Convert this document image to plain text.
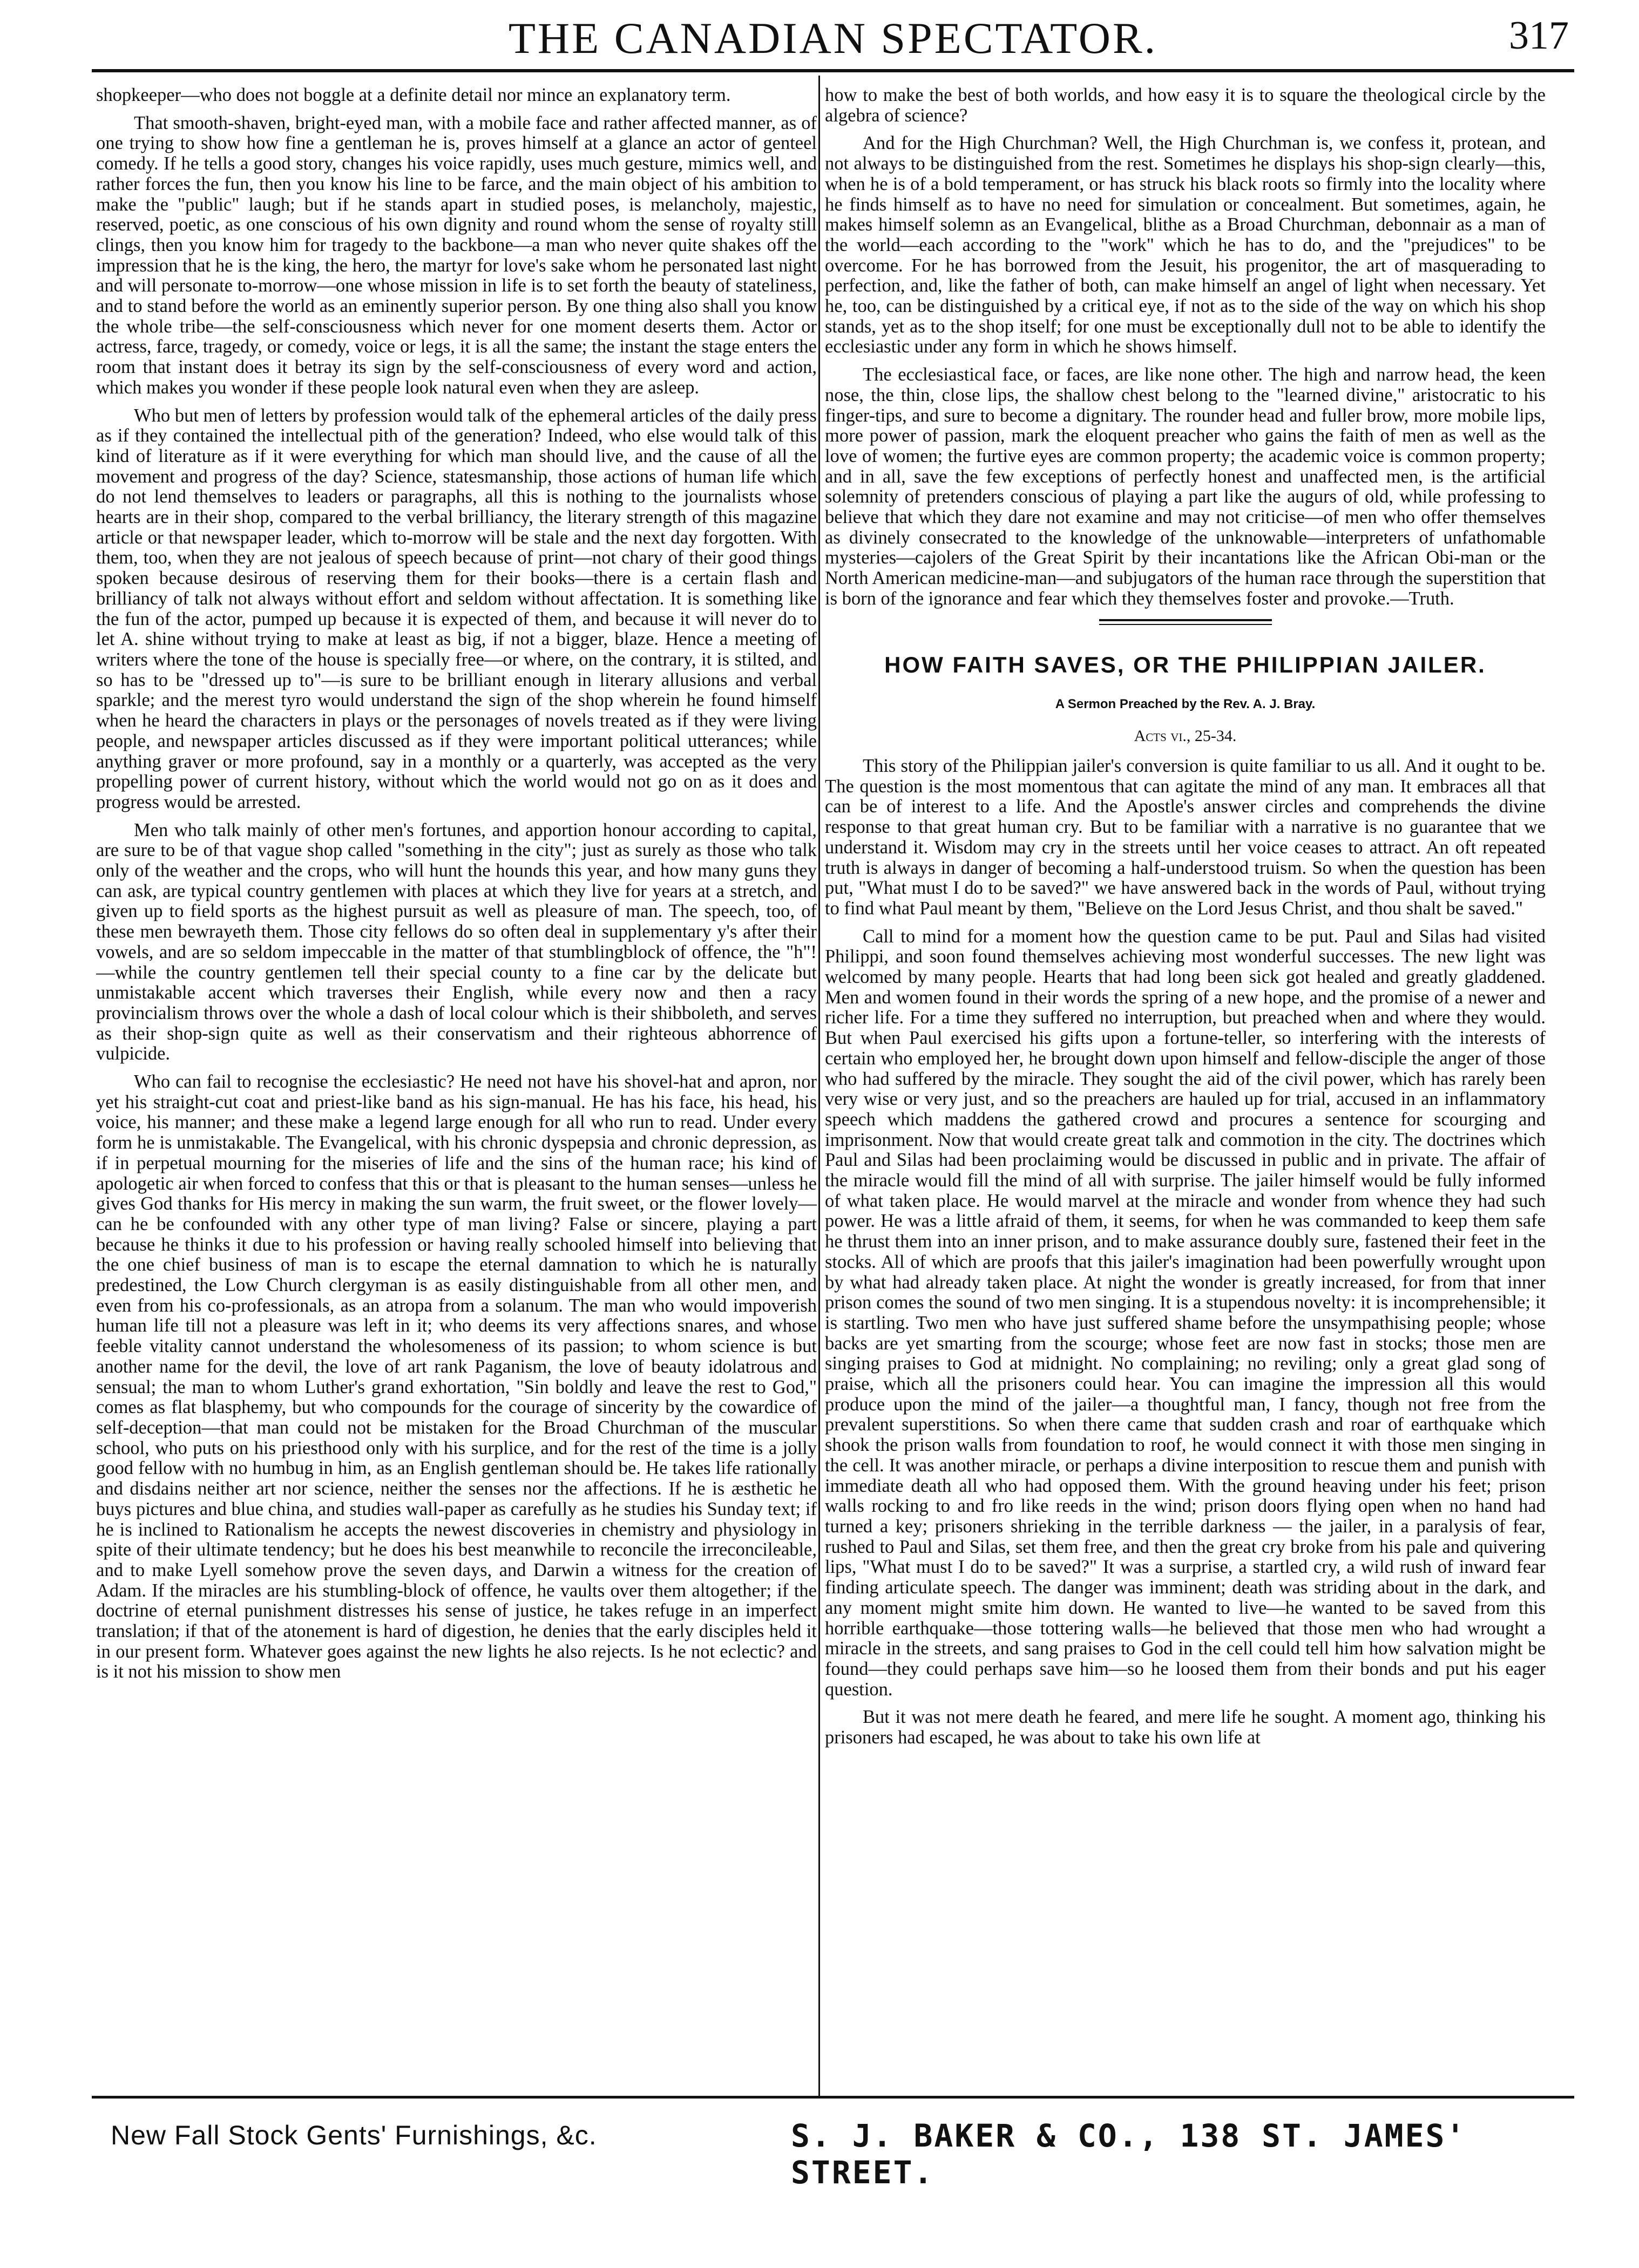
THE CANADIAN SPECTATOR.	317

shopkeeper—who does not boggle at a definite detail nor mince an explanatory term.

That smooth-shaven, bright-eyed man, with a mobile face and rather affected manner, as of one trying to show how fine a gentleman he is, proves himself at a glance an actor of genteel comedy. If he tells a good story, changes his voice rapidly, uses much gesture, mimics well, and rather forces the fun, then you know his line to be farce, and the main object of his ambition to make the "public" laugh; but if he stands apart in studied poses, is melancholy, majestic, reserved, poetic, as one conscious of his own dignity and round whom the sense of royalty still clings, then you know him for tragedy to the backbone—a man who never quite shakes off the impression that he is the king, the hero, the martyr for love's sake whom he personated last night and will personate to-morrow—one whose mission in life is to set forth the beauty of stateliness, and to stand before the world as an eminently superior person. By one thing also shall you know the whole tribe—the self-consciousness which never for one moment deserts them. Actor or actress, farce, tragedy, or comedy, voice or legs, it is all the same; the instant the stage enters the room that instant does it betray its sign by the self-consciousness of every word and action, which makes you wonder if these people look natural even when they are asleep.

Who but men of letters by profession would talk of the ephemeral articles of the daily press as if they contained the intellectual pith of the generation? Indeed, who else would talk of this kind of literature as if it were everything for which man should live, and the cause of all the movement and progress of the day? Science, statesmanship, those actions of human life which do not lend themselves to leaders or paragraphs, all this is nothing to the journalists whose hearts are in their shop, compared to the verbal brilliancy, the literary strength of this magazine article or that newspaper leader, which to-morrow will be stale and the next day forgotten. With them, too, when they are not jealous of speech because of print—not chary of their good things spoken because desirous of reserving them for their books—there is a certain flash and brilliancy of talk not always without effort and seldom without affectation. It is something like the fun of the actor, pumped up because it is expected of them, and because it will never do to let A. shine without trying to make at least as big, if not a bigger, blaze. Hence a meeting of writers where the tone of the house is specially free—or where, on the contrary, it is stilted, and so has to be "dressed up to"—is sure to be brilliant enough in literary allusions and verbal sparkle; and the merest tyro would understand the sign of the shop wherein he found himself when he heard the characters in plays or the personages of novels treated as if they were living people, and newspaper articles discussed as if they were important political utterances; while anything graver or more profound, say in a monthly or a quarterly, was accepted as the very propelling power of current history, without which the world would not go on as it does and progress would be arrested.

Men who talk mainly of other men's fortunes, and apportion honour according to capital, are sure to be of that vague shop called "something in the city"; just as surely as those who talk only of the weather and the crops, who will hunt the hounds this year, and how many guns they can ask, are typical country gentlemen with places at which they live for years at a stretch, and given up to field sports as the highest pursuit as well as pleasure of man. The speech, too, of these men bewrayeth them. Those city fellows do so often deal in supplementary y's after their vowels, and are so seldom impeccable in the matter of that stumblingblock of offence, the "h"!—while the country gentlemen tell their special county to a fine car by the delicate but unmistakable accent which traverses their English, while every now and then a racy provincialism throws over the whole a dash of local colour which is their shibboleth, and serves as their shop-sign quite as well as their conservatism and their righteous abhorrence of vulpicide.

Who can fail to recognise the ecclesiastic? He need not have his shovel-hat and apron, nor yet his straight-cut coat and priest-like band as his sign-manual. He has his face, his head, his voice, his manner; and these make a legend large enough for all who run to read. Under every form he is unmistakable. The Evangelical, with his chronic dyspepsia and chronic depression, as if in perpetual mourning for the miseries of life and the sins of the human race; his kind of apologetic air when forced to confess that this or that is pleasant to the human senses—unless he gives God thanks for His mercy in making the sun warm, the fruit sweet, or the flower lovely—can he be confounded with any other type of man living? False or sincere, playing a part because he thinks it due to his profession or having really schooled himself into believing that the one chief business of man is to escape the eternal damnation to which he is naturally predestined, the Low Church clergyman is as easily distinguishable from all other men, and even from his co-professionals, as an atropa from a solanum. The man who would impoverish human life till not a pleasure was left in it; who deems its very affections snares, and whose feeble vitality cannot understand the wholesomeness of its passion; to whom science is but another name for the devil, the love of art rank Paganism, the love of beauty idolatrous and sensual; the man to whom Luther's grand exhortation, "Sin boldly and leave the rest to God," comes as flat blasphemy, but who compounds for the courage of sincerity by the cowardice of self-deception—that man could not be mistaken for the Broad Churchman of the muscular school, who puts on his priesthood only with his surplice, and for the rest of the time is a jolly good fellow with no humbug in him, as an English gentleman should be. He takes life rationally and disdains neither art nor science, neither the senses nor the affections. If he is æsthetic he buys pictures and blue china, and studies wall-paper as carefully as he studies his Sunday text; if he is inclined to Rationalism he accepts the newest discoveries in chemistry and physiology in spite of their ultimate tendency; but he does his best meanwhile to reconcile the irreconcileable, and to make Lyell somehow prove the seven days, and Darwin a witness for the creation of Adam. If the miracles are his stumbling-block of offence, he vaults over them altogether; if the doctrine of eternal punishment distresses his sense of justice, he takes refuge in an imperfect translation; if that of the atonement is hard of digestion, he denies that the early disciples held it in our present form. Whatever goes against the new lights he also rejects. Is he not eclectic? and is it not his mission to show men

how to make the best of both worlds, and how easy it is to square the theological circle by the algebra of science?

And for the High Churchman? Well, the High Churchman is, we confess it, protean, and not always to be distinguished from the rest. Sometimes he displays his shop-sign clearly—this, when he is of a bold temperament, or has struck his black roots so firmly into the locality where he finds himself as to have no need for simulation or concealment. But sometimes, again, he makes himself solemn as an Evangelical, blithe as a Broad Churchman, debonnair as a man of the world—each according to the "work" which he has to do, and the "prejudices" to be overcome. For he has borrowed from the Jesuit, his progenitor, the art of masquerading to perfection, and, like the father of both, can make himself an angel of light when necessary. Yet he, too, can be distinguished by a critical eye, if not as to the side of the way on which his shop stands, yet as to the shop itself; for one must be exceptionally dull not to be able to identify the ecclesiastic under any form in which he shows himself.

The ecclesiastical face, or faces, are like none other. The high and narrow head, the keen nose, the thin, close lips, the shallow chest belong to the "learned divine," aristocratic to his finger-tips, and sure to become a dignitary. The rounder head and fuller brow, more mobile lips, more power of passion, mark the eloquent preacher who gains the faith of men as well as the love of women; the furtive eyes are common property; the academic voice is common property; and in all, save the few exceptions of perfectly honest and unaffected men, is the artificial solemnity of pretenders conscious of playing a part like the augurs of old, while professing to believe that which they dare not examine and may not criticise—of men who offer themselves as divinely consecrated to the knowledge of the unknowable—interpreters of unfathomable mysteries—cajolers of the Great Spirit by their incantations like the African Obi-man or the North American medicine-man—and subjugators of the human race through the superstition that is born of the ignorance and fear which they themselves foster and provoke.—Truth.

HOW FAITH SAVES, OR THE PHILIPPIAN JAILER.
A Sermon Preached by the Rev. A. J. Bray.
Acts vi., 25-34.

This story of the Philippian jailer's conversion is quite familiar to us all. And it ought to be. The question is the most momentous that can agitate the mind of any man. It embraces all that can be of interest to a life. And the Apostle's answer circles and comprehends the divine response to that great human cry. But to be familiar with a narrative is no guarantee that we understand it. Wisdom may cry in the streets until her voice ceases to attract. An oft repeated truth is always in danger of becoming a half-understood truism. So when the question has been put, "What must I do to be saved?" we have answered back in the words of Paul, without trying to find what Paul meant by them, "Believe on the Lord Jesus Christ, and thou shalt be saved."

Call to mind for a moment how the question came to be put. Paul and Silas had visited Philippi, and soon found themselves achieving most wonderful successes. The new light was welcomed by many people. Hearts that had long been sick got healed and greatly gladdened. Men and women found in their words the spring of a new hope, and the promise of a newer and richer life. For a time they suffered no interruption, but preached when and where they would. But when Paul exercised his gifts upon a fortune-teller, so interfering with the interests of certain who employed her, he brought down upon himself and fellow-disciple the anger of those who had suffered by the miracle. They sought the aid of the civil power, which has rarely been very wise or very just, and so the preachers are hauled up for trial, accused in an inflammatory speech which maddens the gathered crowd and procures a sentence for scourging and imprisonment. Now that would create great talk and commotion in the city. The doctrines which Paul and Silas had been proclaiming would be discussed in public and in private. The affair of the miracle would fill the mind of all with surprise. The jailer himself would be fully informed of what taken place. He would marvel at the miracle and wonder from whence they had such power. He was a little afraid of them, it seems, for when he was commanded to keep them safe he thrust them into an inner prison, and to make assurance doubly sure, fastened their feet in the stocks. All of which are proofs that this jailer's imagination had been powerfully wrought upon by what had already taken place. At night the wonder is greatly increased, for from that inner prison comes the sound of two men singing. It is a stupendous novelty: it is incomprehensible; it is startling. Two men who have just suffered shame before the unsympathising people; whose backs are yet smarting from the scourge; whose feet are now fast in stocks; those men are singing praises to God at midnight. No complaining; no reviling; only a great glad song of praise, which all the prisoners could hear. You can imagine the impression all this would produce upon the mind of the jailer—a thoughtful man, I fancy, though not free from the prevalent superstitions. So when there came that sudden crash and roar of earthquake which shook the prison walls from foundation to roof, he would connect it with those men singing in the cell. It was another miracle, or perhaps a divine interposition to rescue them and punish with immediate death all who had opposed them. With the ground heaving under his feet; prison walls rocking to and fro like reeds in the wind; prison doors flying open when no hand had turned a key; prisoners shrieking in the terrible darkness — the jailer, in a paralysis of fear, rushed to Paul and Silas, set them free, and then the great cry broke from his pale and quivering lips, "What must I do to be saved?" It was a surprise, a startled cry, a wild rush of inward fear finding articulate speech. The danger was imminent; death was striding about in the dark, and any moment might smite him down. He wanted to live—he wanted to be saved from this horrible earthquake—those tottering walls—he believed that those men who had wrought a miracle in the streets, and sang praises to God in the cell could tell him how salvation might be found—they could perhaps save him—so he loosed them from their bonds and put his eager question.

But it was not mere death he feared, and mere life he sought. A moment ago, thinking his prisoners had escaped, he was about to take his own life at

New Fall Stock Gents' Furnishings, &c.	S. J. BAKER & CO., 138 ST. JAMES' STREET.
